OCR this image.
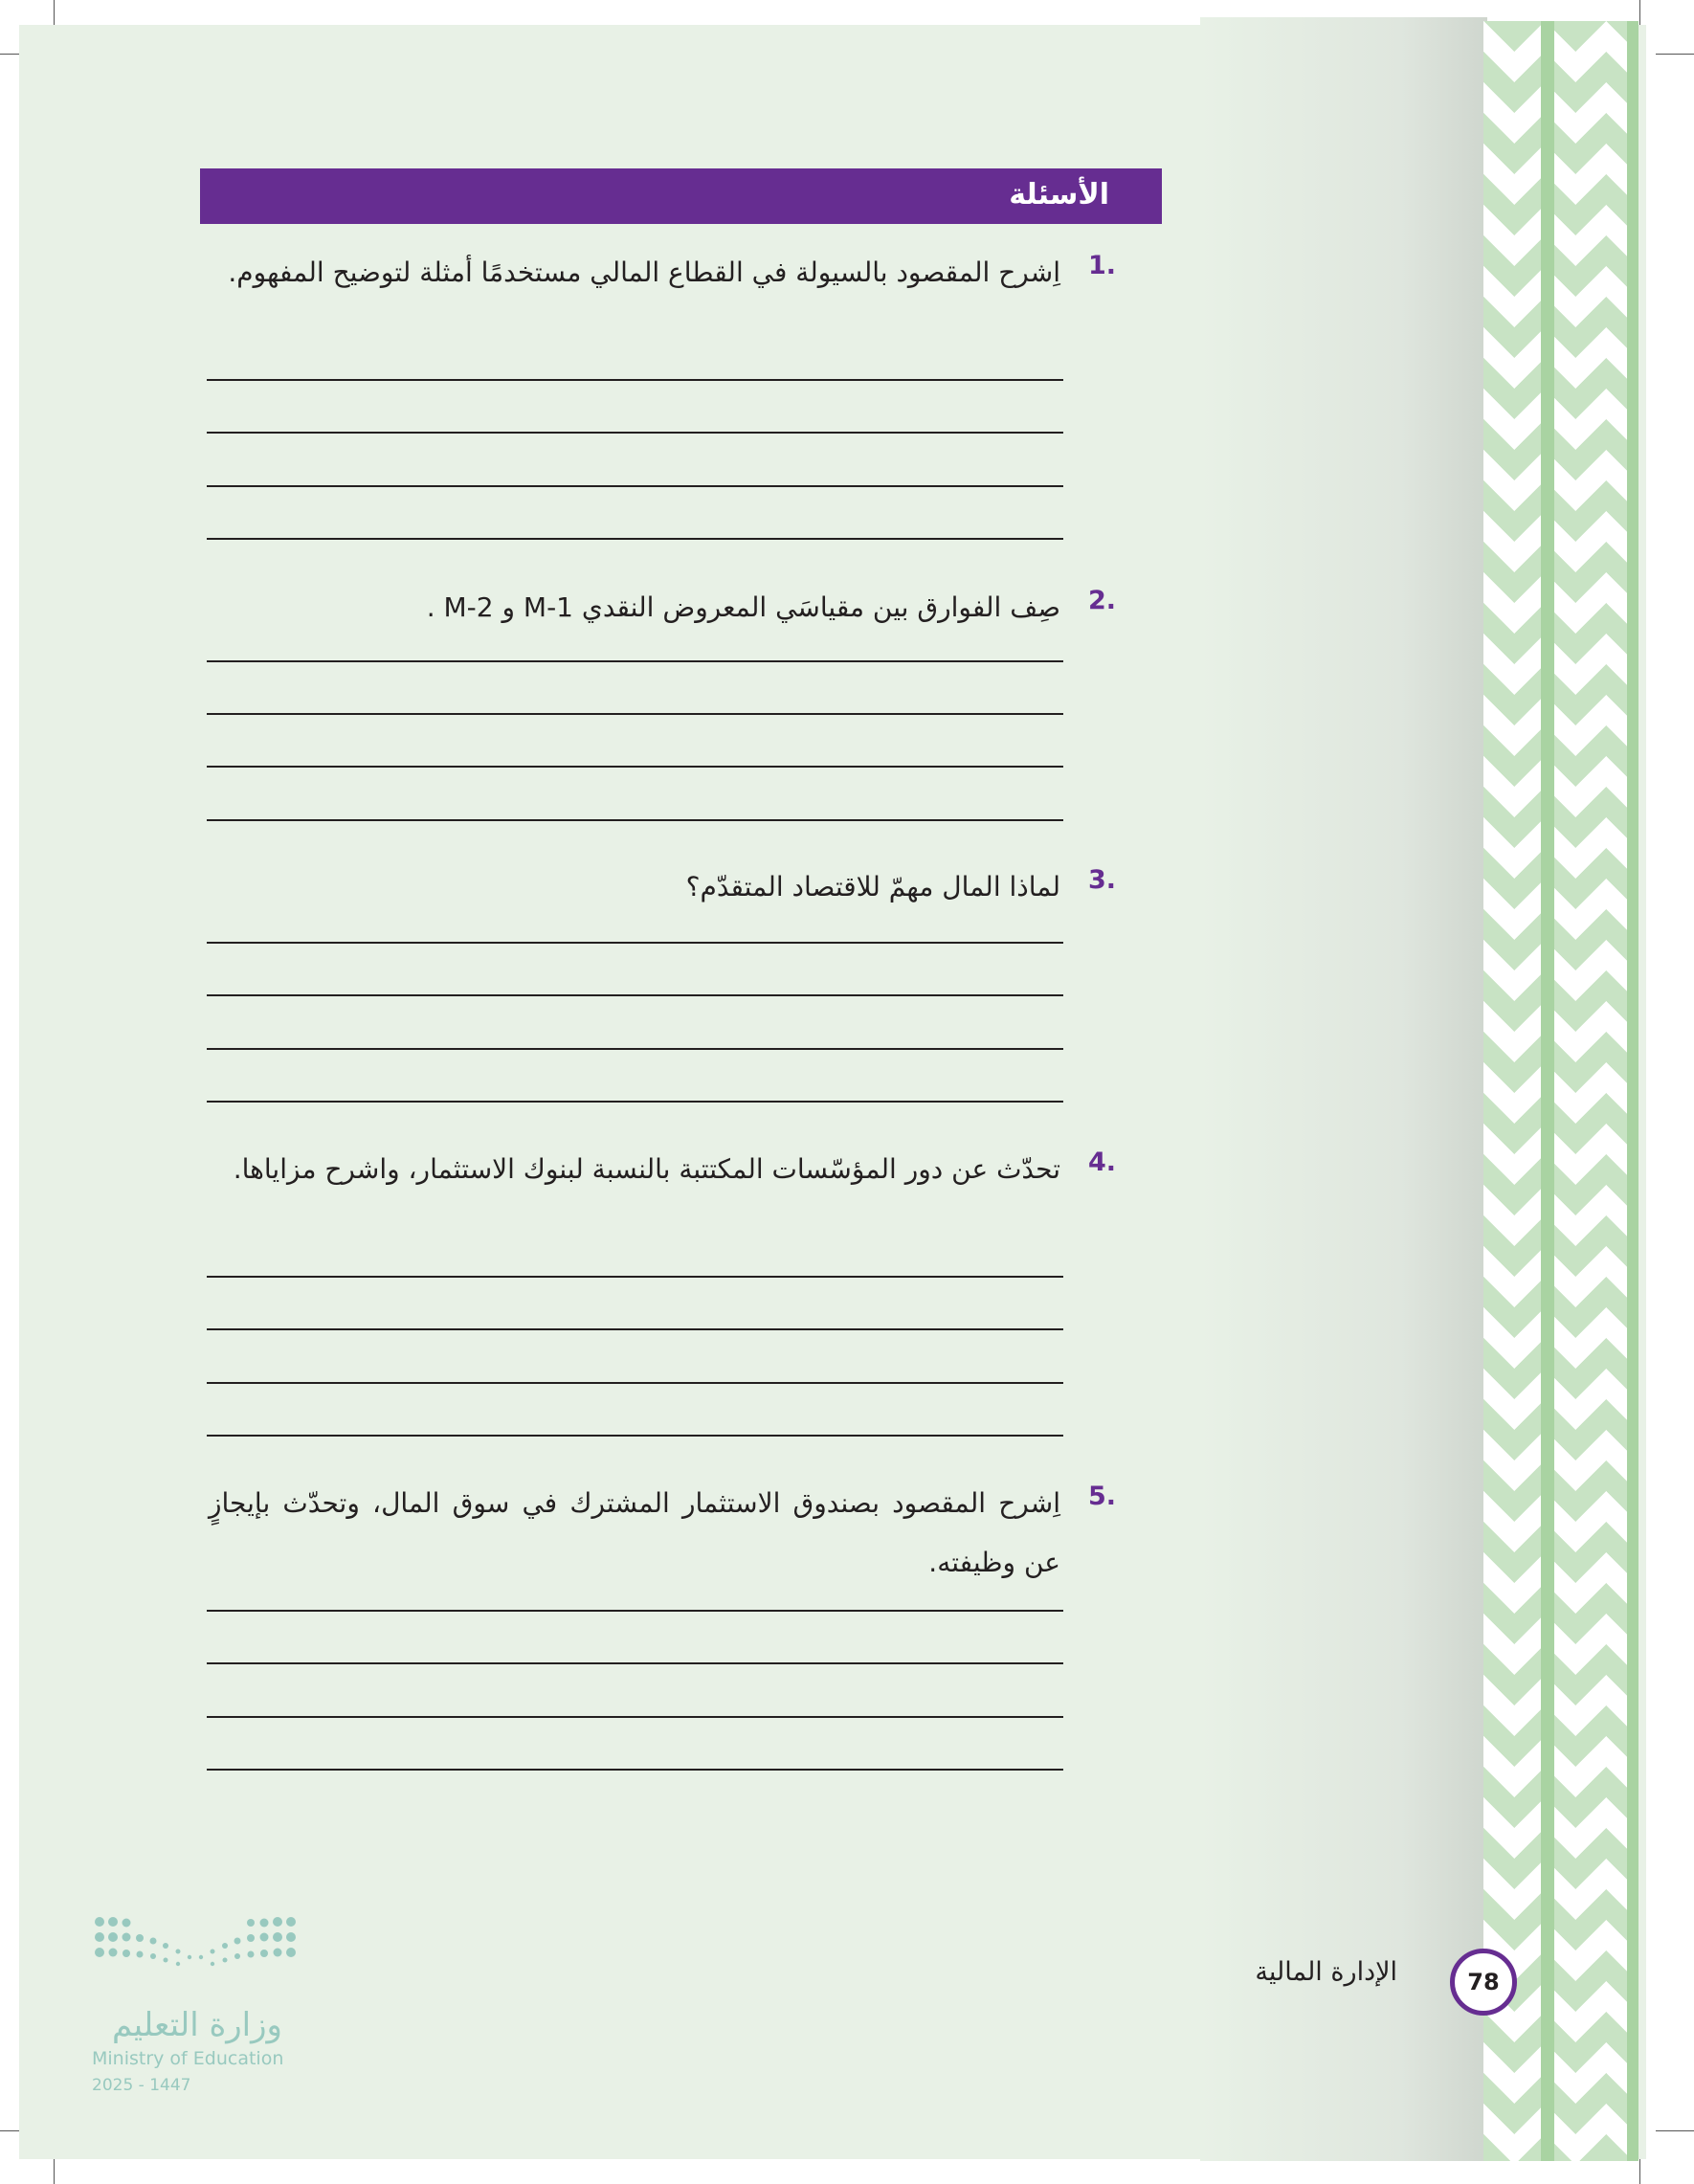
الأسئلة
1.
اِشرح المقصود بالسيولة في القطاع المالي مستخدمًا أمثلة لتوضيح المفهوم.
2.
صِف الفوارق بين مقياسَي المعروض النقدي M-1 و M-2 .
3.
لماذا المال مهمّ للاقتصاد المتقدّم؟
4.
تحدّث عن دور المؤسّسات المكتتبة بالنسبة لبنوك الاستثمار، واشرح مزاياها.
5.
اِشرح المقصود بصندوق الاستثمار المشترك في سوق المال، وتحدّث بإيجازٍ عن وظيفته.
78
الإدارة المالية
وزارة التعليم
Ministry of Education
2025 - 1447
